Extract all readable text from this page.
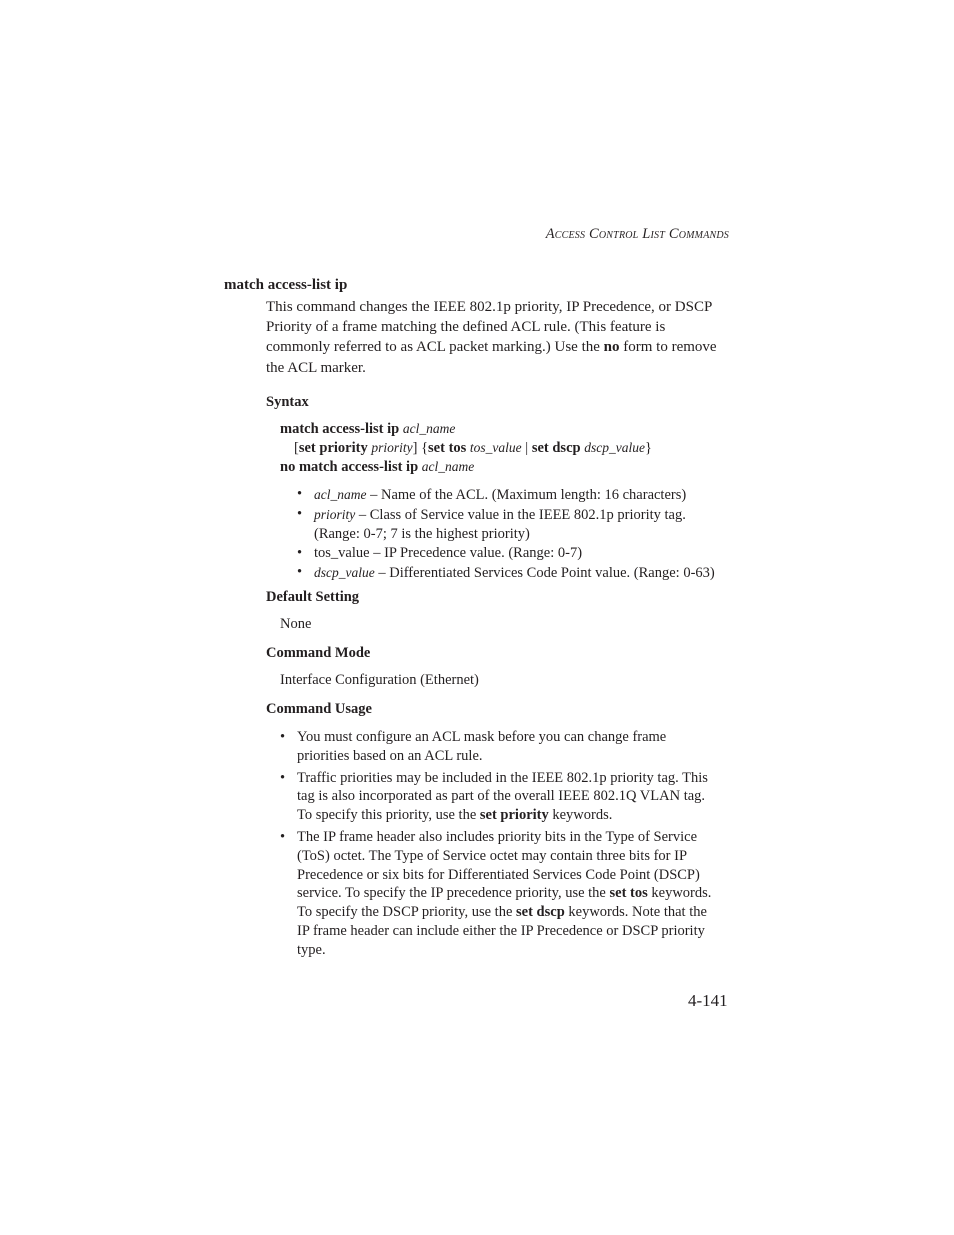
Access Control List Commands
match access-list ip
This command changes the IEEE 802.1p priority, IP Precedence, or DSCP
Priority of a frame matching the defined ACL rule. (This feature is
commonly referred to as ACL packet marking.) Use the no form to remove
the ACL marker.
Syntax
match access-list ip acl_name
[set priority priority] {set tos tos_value | set dscp dscp_value}
no match access-list ip acl_name
• acl_name – Name of the ACL. (Maximum length: 16 characters)
• priority – Class of Service value in the IEEE 802.1p priority tag.
(Range: 0-7; 7 is the highest priority)
• tos_value – IP Precedence value. (Range: 0-7)
• dscp_value – Differentiated Services Code Point value. (Range: 0-63)
Default Setting
None
Command Mode
Interface Configuration (Ethernet)
Command Usage
• You must configure an ACL mask before you can change frame
priorities based on an ACL rule.
• Traffic priorities may be included in the IEEE 802.1p priority tag. This
tag is also incorporated as part of the overall IEEE 802.1Q VLAN tag.
To specify this priority, use the set priority keywords.
• The IP frame header also includes priority bits in the Type of Service
(ToS) octet. The Type of Service octet may contain three bits for IP
Precedence or six bits for Differentiated Services Code Point (DSCP)
service. To specify the IP precedence priority, use the set tos keywords.
To specify the DSCP priority, use the set dscp keywords. Note that the
IP frame header can include either the IP Precedence or DSCP priority
type.
4-141
